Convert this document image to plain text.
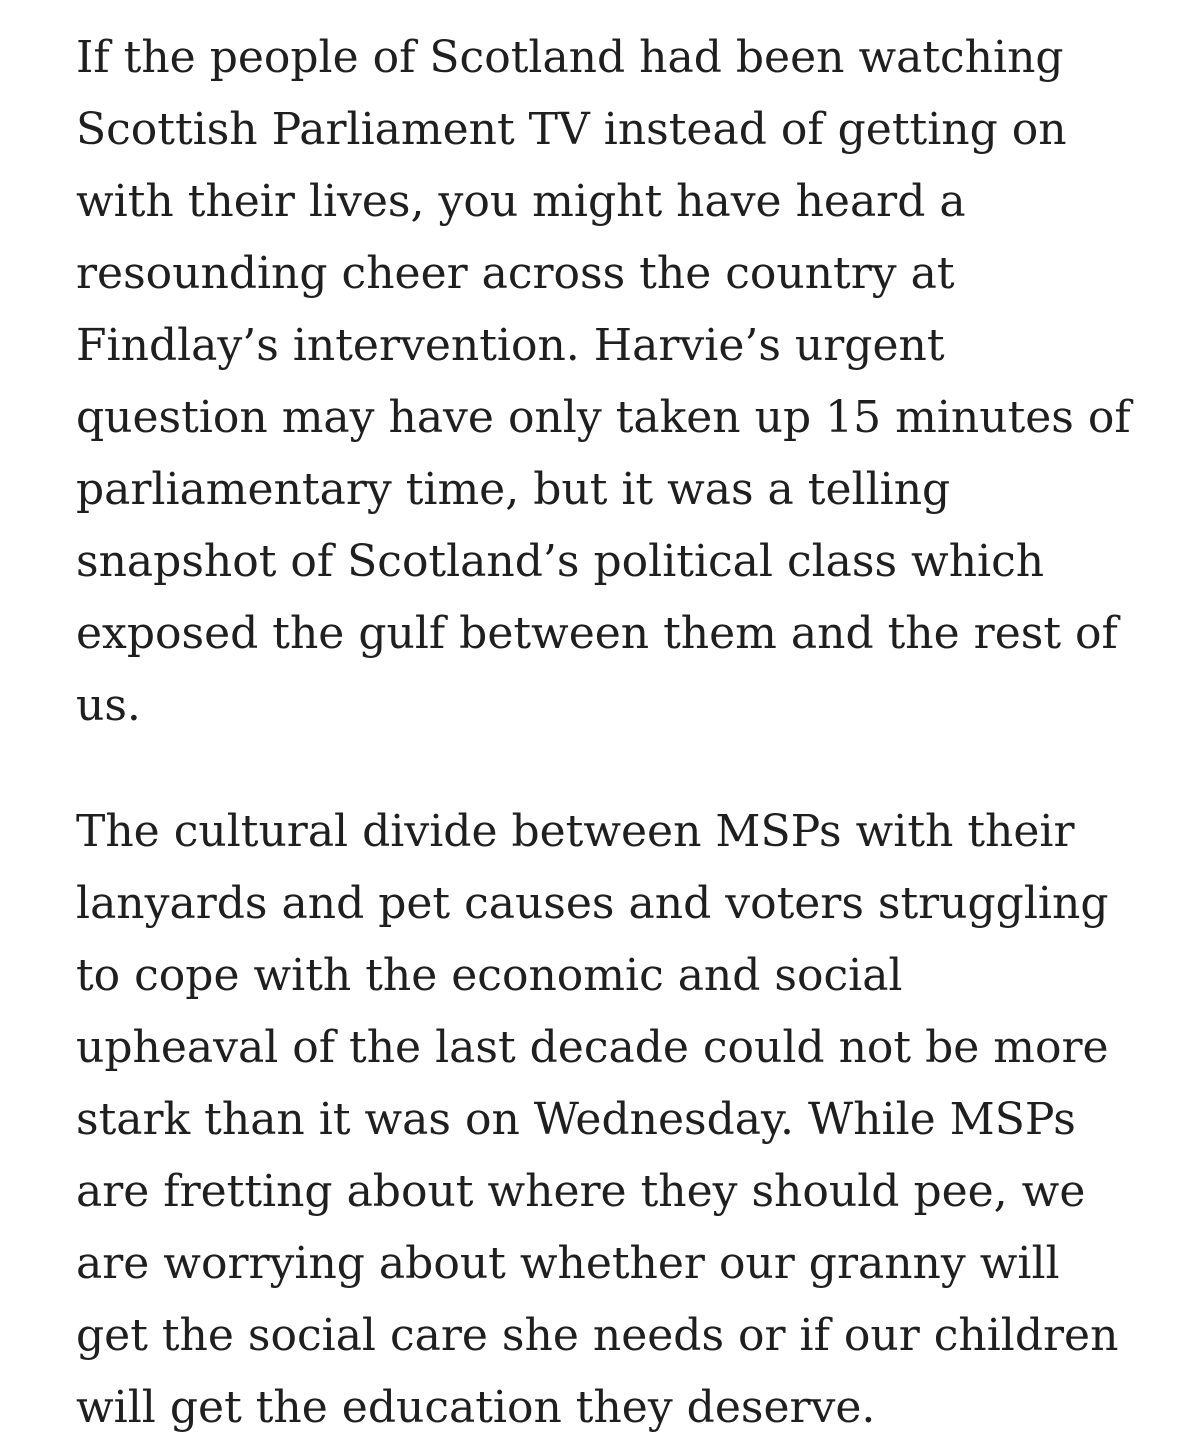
If the people of Scotland had been watching
Scottish Parliament TV instead of getting on
with their lives, you might have heard a
resounding cheer across the country at
Findlay’s intervention. Harvie’s urgent
question may have only taken up 15 minutes of
parliamentary time, but it was a telling
snapshot of Scotland’s political class which
exposed the gulf between them and the rest of
us.

The cultural divide between MSPs with their
lanyards and pet causes and voters struggling
to cope with the economic and social
upheaval of the last decade could not be more
stark than it was on Wednesday. While MSPs
are fretting about where they should pee, we
are worrying about whether our granny will
get the social care she needs or if our children
will get the education they deserve.
